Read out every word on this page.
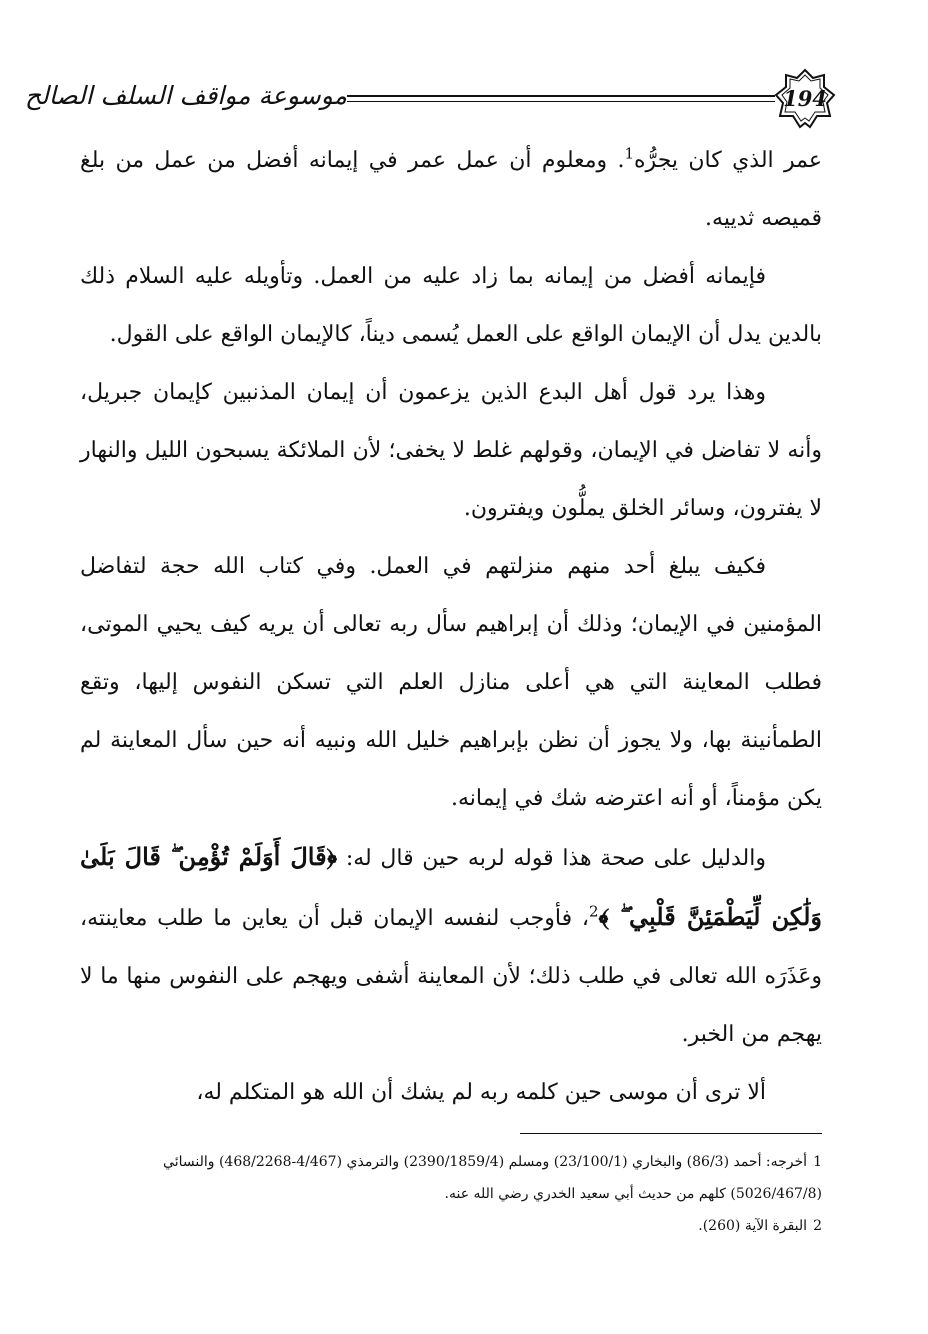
موسوعة مواقف السلف الصالح	194

عمر الذي كان يجرُّه$^1$. ومعلوم أن عمل عمر في إيمانه أفضل من عمل من بلغ قميصه ثدييه.

فإيمانه أفضل من إيمانه بما زاد عليه من العمل. وتأويله عليه السلام ذلك بالدين يدل أن الإيمان الواقع على العمل يُسمى ديناً، كالإيمان الواقع على القول.

وهذا يرد قول أهل البدع الذين يزعمون أن إيمان المذنبين كإيمان جبريل، وأنه لا تفاضل في الإيمان، وقولهم غلط لا يخفى؛ لأن الملائكة يسبحون الليل والنهار لا يفترون، وسائر الخلق يملُّون ويفترون.

فكيف يبلغ أحد منهم منزلتهم في العمل. وفي كتاب الله حجة لتفاضل المؤمنين في الإيمان؛ وذلك أن إبراهيم سأل ربه تعالى أن يريه كيف يحيي الموتى، فطلب المعاينة التي هي أعلى منازل العلم التي تسكن النفوس إليها، وتقع الطمأنينة بها، ولا يجوز أن نظن بإبراهيم خليل الله ونبيه أنه حين سأل المعاينة لم يكن مؤمناً، أو أنه اعترضه شك في إيمانه.

والدليل على صحة هذا قوله لربه حين قال له: ﴿قَالَ أَوَلَمْ تُؤْمِن ۖ قَالَ بَلَىٰ وَلَٰكِن لِّيَطْمَئِنَّ قَلْبِي ۖ ﴾$^2$، فأوجب لنفسه الإيمان قبل أن يعاين ما طلب معاينته، وعَذَرَه الله تعالى في طلب ذلك؛ لأن المعاينة أشفى ويهجم على النفوس منها ما لا يهجم من الخبر.

ألا ترى أن موسى حين كلمه ربه لم يشك أن الله هو المتكلم له،

1أخرجه: أحمد (86/3) والبخاري (23/100/1) ومسلم (2390/1859/4) والترمذي (4/467-468/2268) والنسائي (5026/467/8) كلهم من حديث أبي سعيد الخدري رضي الله عنه.

2البقرة الآية (260).
